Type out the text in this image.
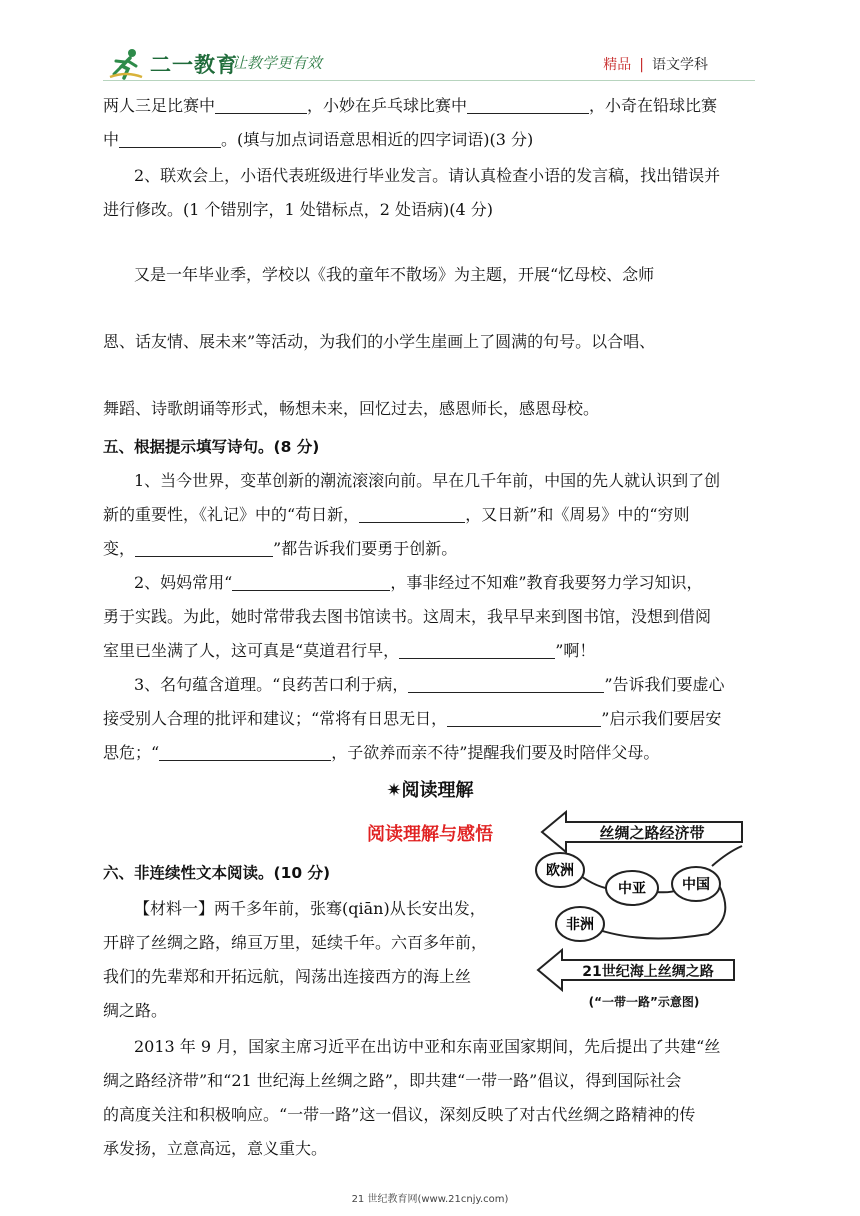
二一教育
/ 让教学更有效	精品 | 语文学科
两人三足比赛中	，小妙在乒乓球比赛中	，小奇在铅球比赛
中	。(填与加点词语意思相近的四字词语)(3 分)
2、联欢会上，小语代表班级进行毕业发言。请认真检查小语的发言稿，找出错误并
进行修改。(1 个错别字，1 处错标点，2 处语病)(4 分)
又是一年毕业季，学校以《我的童年不散场》为主题，开展“忆母校、念师
恩、话友情、展未来”等活动，为我们的小学生崖画上了圆满的句号。以合唱、
舞蹈、诗歌朗诵等形式，畅想未来，回忆过去，感恩师长，感恩母校。
五、根据提示填写诗句。(8 分)
1、当今世界，变革创新的潮流滚滚向前。早在几千年前，中国的先人就认识到了创
新的重要性，《礼记》中的“苟日新，	，又日新”和《周易》中的“穷则
变，	”都告诉我们要勇于创新。
2、妈妈常用“	，事非经过不知难”教育我要努力学习知识，
勇于实践。为此，她时常带我去图书馆读书。这周末，我早早来到图书馆，没想到借阅
室里已坐满了人，这可真是“莫道君行早，	”啊！
3、名句蕴含道理。“良药苦口利于病，	”告诉我们要虚心
接受别人合理的批评和建议；“常将有日思无日，	”启示我们要居安
思危；“	，子欲养而亲不待”提醒我们要及时陪伴父母。
✷阅读理解
阅读理解与感悟
六、非连续性文本阅读。(10 分)
【材料一】两千多年前，张骞(qiān)从长安出发，
开辟了丝绸之路，绵亘万里，延续千年。六百多年前，
我们的先辈郑和开拓远航，闯荡出连接西方的海上丝
绸之路。
2013 年 9 月，国家主席习近平在出访中亚和东南亚国家期间，先后提出了共建“丝
绸之路经济带”和“21 世纪海上丝绸之路”，即共建“一带一路”倡议，得到国际社会
的高度关注和积极响应。“一带一路”这一倡议，深刻反映了对古代丝绸之路精神的传
承发扬，立意高远，意义重大。
丝绸之路经济带
欧洲
中亚	中国
非洲
21世纪海上丝绸之路
(“一带一路”示意图)
21 世纪教育网(www.21cnjy.com)
